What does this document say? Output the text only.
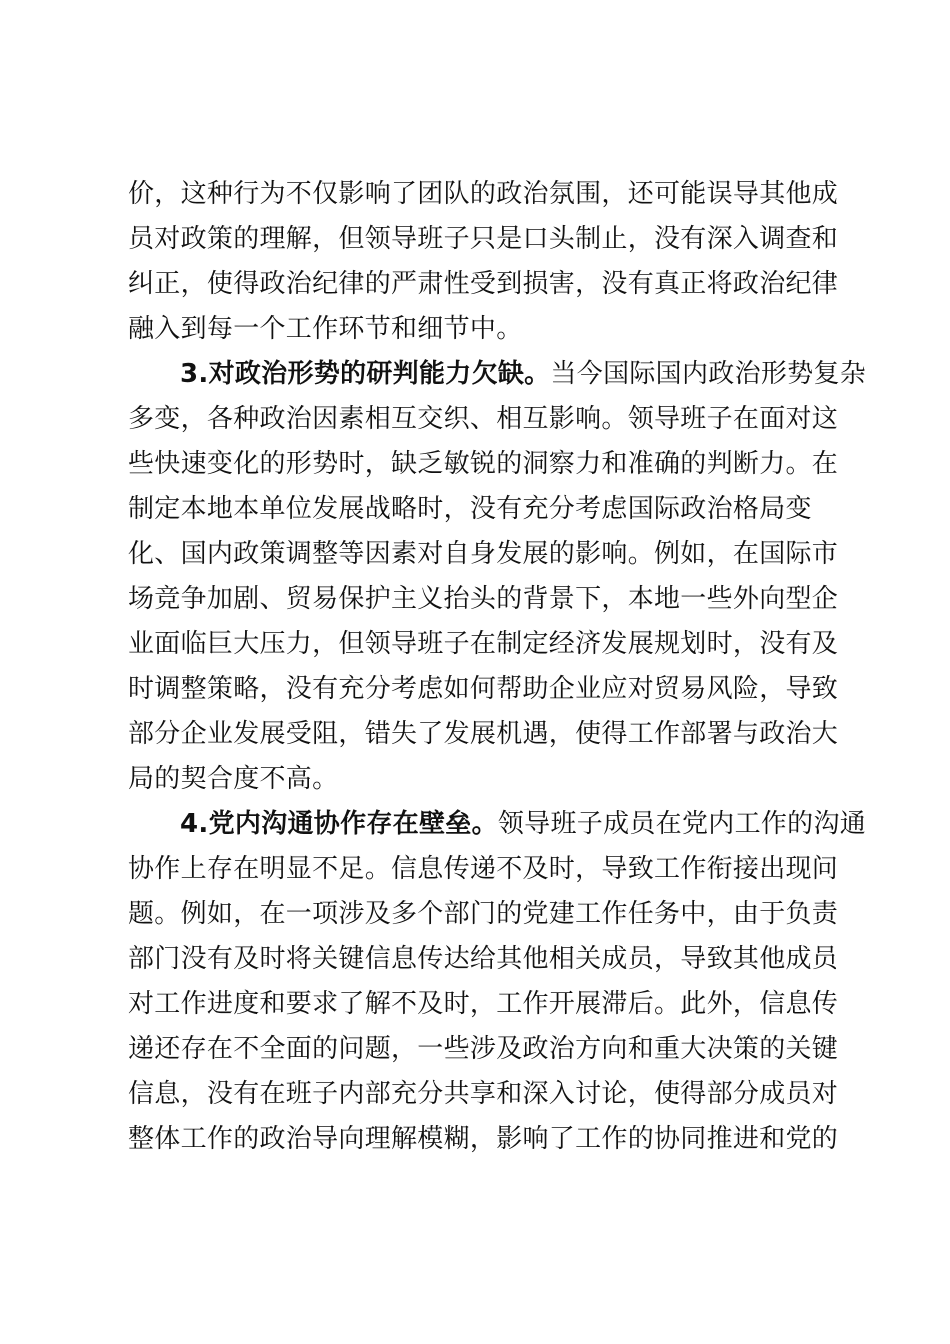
价，这种行为不仅影响了团队的政治氛围，还可能误导其他成
员对政策的理解，但领导班子只是口头制止，没有深入调查和
纠正，使得政治纪律的严肃性受到损害，没有真正将政治纪律
融入到每一个工作环节和细节中。
3.对政治形势的研判能力欠缺。当今国际国内政治形势复杂
多变，各种政治因素相互交织、相互影响。领导班子在面对这
些快速变化的形势时，缺乏敏锐的洞察力和准确的判断力。在
制定本地本单位发展战略时，没有充分考虑国际政治格局变
化、国内政策调整等因素对自身发展的影响。例如，在国际市
场竞争加剧、贸易保护主义抬头的背景下，本地一些外向型企
业面临巨大压力，但领导班子在制定经济发展规划时，没有及
时调整策略，没有充分考虑如何帮助企业应对贸易风险，导致
部分企业发展受阻，错失了发展机遇，使得工作部署与政治大
局的契合度不高。
4.党内沟通协作存在壁垒。领导班子成员在党内工作的沟通
协作上存在明显不足。信息传递不及时，导致工作衔接出现问
题。例如，在一项涉及多个部门的党建工作任务中，由于负责
部门没有及时将关键信息传达给其他相关成员，导致其他成员
对工作进度和要求了解不及时，工作开展滞后。此外，信息传
递还存在不全面的问题，一些涉及政治方向和重大决策的关键
信息，没有在班子内部充分共享和深入讨论，使得部分成员对
整体工作的政治导向理解模糊，影响了工作的协同推进和党的
